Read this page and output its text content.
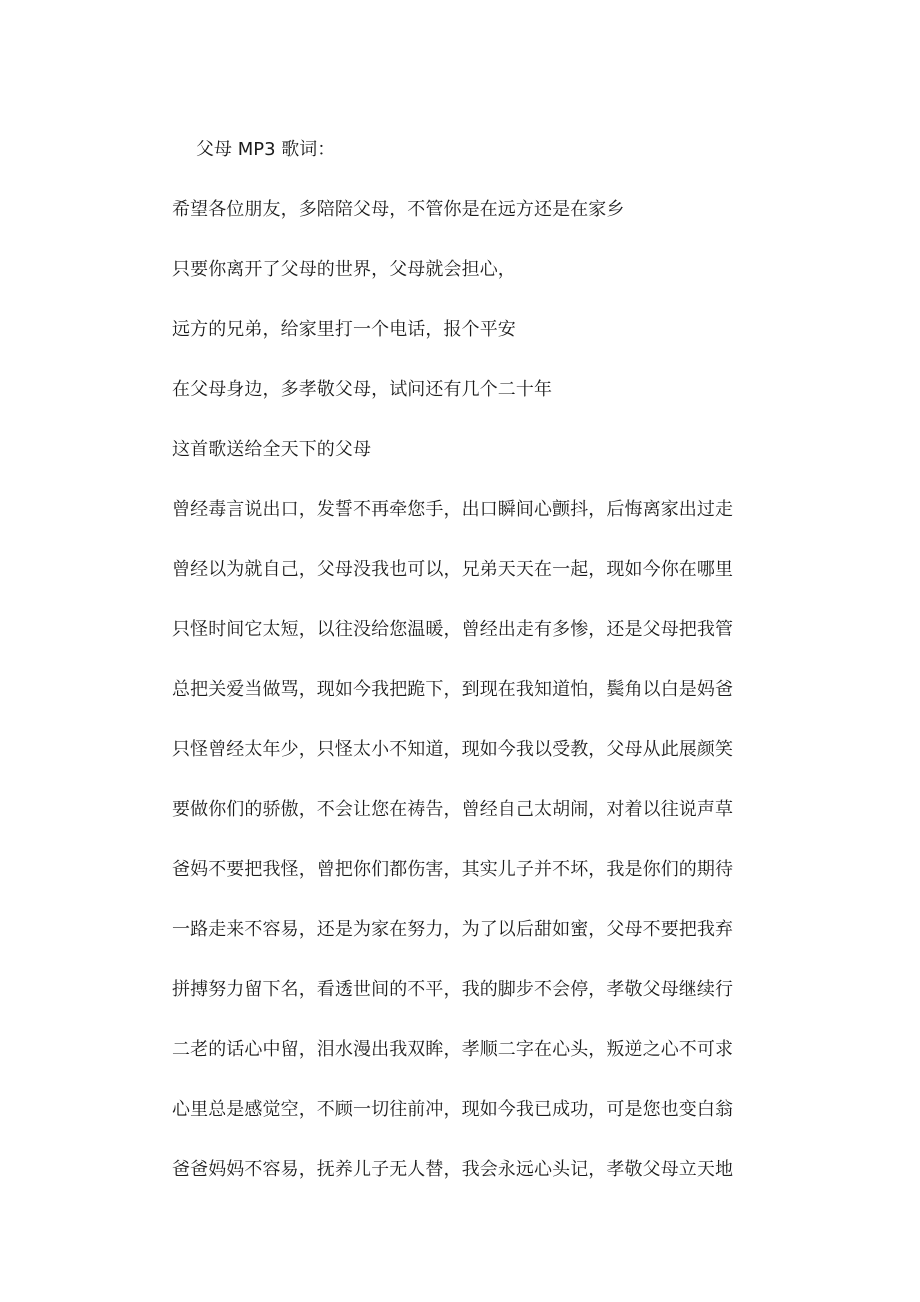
父母 MP3 歌词：
希望各位朋友，多陪陪父母，不管你是在远方还是在家乡
只要你离开了父母的世界，父母就会担心，
远方的兄弟，给家里打一个电话，报个平安
在父母身边，多孝敬父母，试问还有几个二十年
这首歌送给全天下的父母
曾经毒言说出口，发誓不再牵您手，出口瞬间心颤抖，后悔离家出过走
曾经以为就自己，父母没我也可以，兄弟天天在一起，现如今你在哪里
只怪时间它太短，以往没给您温暖，曾经出走有多惨，还是父母把我管
总把关爱当做骂，现如今我把跪下，到现在我知道怕，鬓角以白是妈爸
只怪曾经太年少，只怪太小不知道，现如今我以受教，父母从此展颜笑
要做你们的骄傲，不会让您在祷告，曾经自己太胡闹，对着以往说声草
爸妈不要把我怪，曾把你们都伤害，其实儿子并不坏，我是你们的期待
一路走来不容易，还是为家在努力，为了以后甜如蜜，父母不要把我弃
拼搏努力留下名，看透世间的不平，我的脚步不会停，孝敬父母继续行
二老的话心中留，泪水漫出我双眸，孝顺二字在心头，叛逆之心不可求
心里总是感觉空，不顾一切往前冲，现如今我已成功，可是您也变白翁
爸爸妈妈不容易，抚养儿子无人替，我会永远心头记，孝敬父母立天地
